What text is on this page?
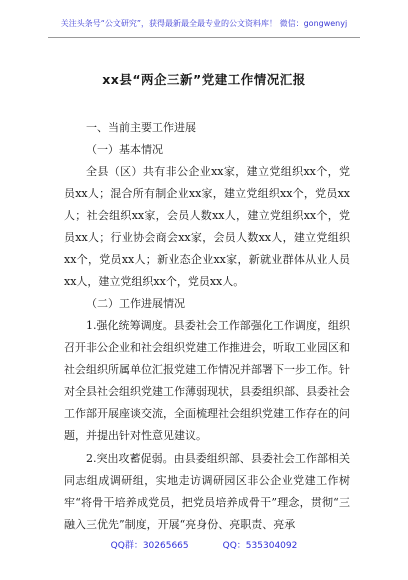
关注头条号“公文研究”，获得最新最全最专业的公文资料库！ 微信：gongwenyj
xx县“两企三新”党建工作情况汇报
一、当前主要工作进展
（一）基本情况

全县（区）共有非公企业xx家，建立党组织xx个，党员xx人；混合所有制企业xx家，建立党组织xx个，党员xx人；社会组织xx家，会员人数xx人，建立党组织xx个，党员xx人；行业协会商会xx家，会员人数xx人，建立党组织xx个，党员xx人；新业态企业xx家，新就业群体从业人员xx人，建立党组织xx个，党员xx人。

（二）工作进展情况

1.强化统筹调度。县委社会工作部强化工作调度，组织召开非公企业和社会组织党建工作推进会，听取工业园区和社会组织所属单位汇报党建工作情况并部署下一步工作。针对全县社会组织党建工作薄弱现状，县委组织部、县委社会工作部开展座谈交流，全面梳理社会组织党建工作存在的问题，并提出针对性意见建议。

2.突出攻蓄促弱。由县委组织部、县委社会工作部相关同志组成调研组，实地走访调研园区非公企业党建工作树牢“将骨干培养成党员，把党员培养成骨干”理念，贯彻“三融入三优先”制度，开展“亮身份、亮职责、亮承

QQ群：30265665	QQ：535304092
